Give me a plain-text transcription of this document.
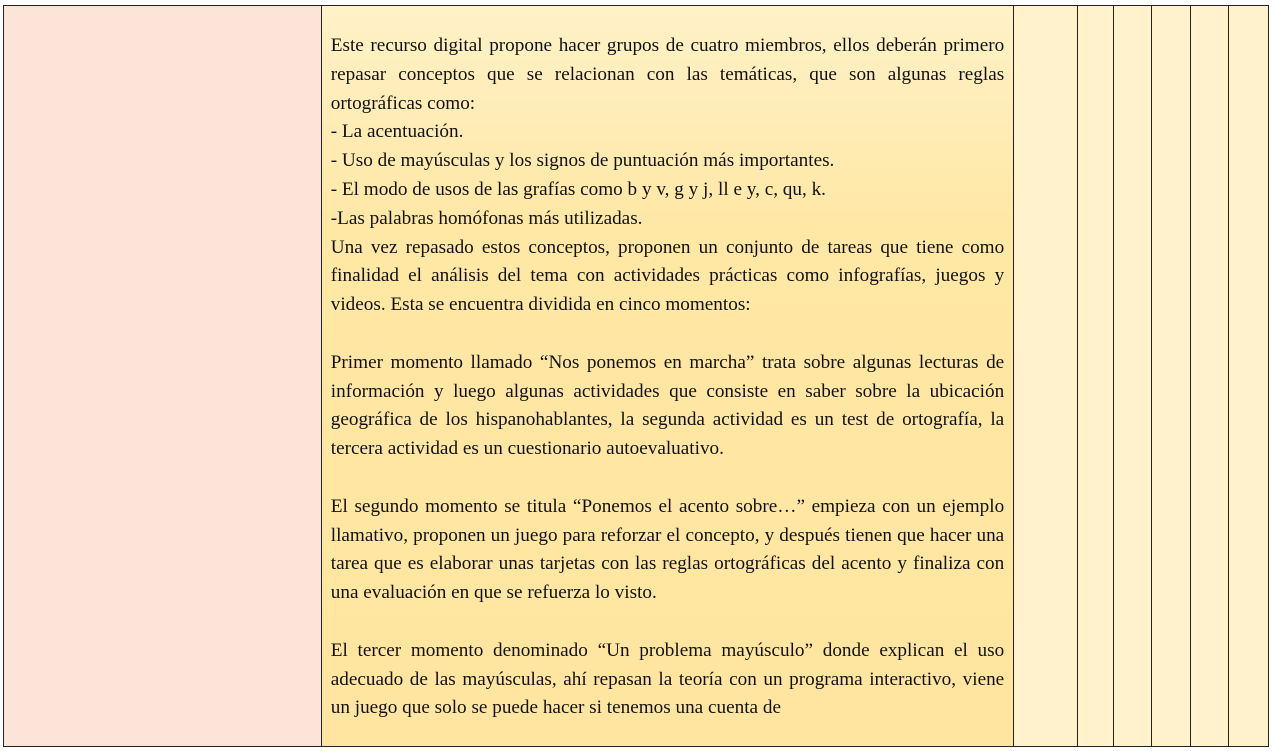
Este recurso digital propone hacer grupos de cuatro miembros, ellos deberán primero repasar conceptos que se relacionan con las temáticas, que son algunas reglas ortográficas como:

- La acentuación.
- Uso de mayúsculas y los signos de puntuación más importantes.
- El modo de usos de las grafías como b y v, g y j, ll e y, c, qu, k.
-Las palabras homófonas más utilizadas.

Una vez repasado estos conceptos, proponen un conjunto de tareas que tiene como finalidad el análisis del tema con actividades prácticas como infografías, juegos y videos. Esta se encuentra dividida en cinco momentos:

Primer momento llamado “Nos ponemos en marcha” trata sobre algunas lecturas de información y luego algunas actividades que consiste en saber sobre la ubicación geográfica de los hispanohablantes, la segunda actividad es un test de ortografía, la tercera actividad es un cuestionario autoevaluativo.

El segundo momento se titula “Ponemos el acento sobre…” empieza con un ejemplo llamativo, proponen un juego para reforzar el concepto, y después tienen que hacer una tarea que es elaborar unas tarjetas con las reglas ortográficas del acento y finaliza con una evaluación en que se refuerza lo visto.

El tercer momento denominado “Un problema mayúsculo” donde explican el uso adecuado de las mayúsculas, ahí repasan la teoría con un programa interactivo, viene un juego que solo se puede hacer si tenemos una cuenta de
